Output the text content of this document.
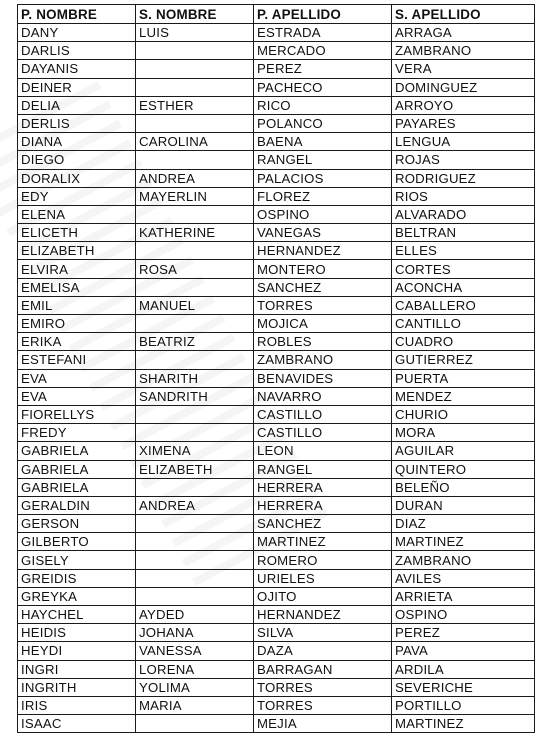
P. NOMBRE	S. NOMBRE	P. APELLIDO	S. APELLIDO
DANY	LUIS	ESTRADA	ARRAGA
DARLIS		MERCADO	ZAMBRANO
DAYANIS		PEREZ	VERA
DEINER		PACHECO	DOMINGUEZ
DELIA	ESTHER	RICO	ARROYO
DERLIS		POLANCO	PAYARES
DIANA	CAROLINA	BAENA	LENGUA
DIEGO		RANGEL	ROJAS
DORALIX	ANDREA	PALACIOS	RODRIGUEZ
EDY	MAYERLIN	FLOREZ	RIOS
ELENA		OSPINO	ALVARADO
ELICETH	KATHERINE	VANEGAS	BELTRAN
ELIZABETH		HERNANDEZ	ELLES
ELVIRA	ROSA	MONTERO	CORTES
EMELISA		SANCHEZ	ACONCHA
EMIL	MANUEL	TORRES	CABALLERO
EMIRO		MOJICA	CANTILLO
ERIKA	BEATRIZ	ROBLES	CUADRO
ESTEFANI		ZAMBRANO	GUTIERREZ
EVA	SHARITH	BENAVIDES	PUERTA
EVA	SANDRITH	NAVARRO	MENDEZ
FIORELLYS		CASTILLO	CHURIO
FREDY		CASTILLO	MORA
GABRIELA	XIMENA	LEON	AGUILAR
GABRIELA	ELIZABETH	RANGEL	QUINTERO
GABRIELA		HERRERA	BELEÑO
GERALDIN	ANDREA	HERRERA	DURAN
GERSON		SANCHEZ	DIAZ
GILBERTO		MARTINEZ	MARTINEZ
GISELY		ROMERO	ZAMBRANO
GREIDIS		URIELES	AVILES
GREYKA		OJITO	ARRIETA
HAYCHEL	AYDED	HERNANDEZ	OSPINO
HEIDIS	JOHANA	SILVA	PEREZ
HEYDI	VANESSA	DAZA	PAVA
INGRI	LORENA	BARRAGAN	ARDILA
INGRITH	YOLIMA	TORRES	SEVERICHE
IRIS	MARIA	TORRES	PORTILLO
ISAAC		MEJIA	MARTINEZ
